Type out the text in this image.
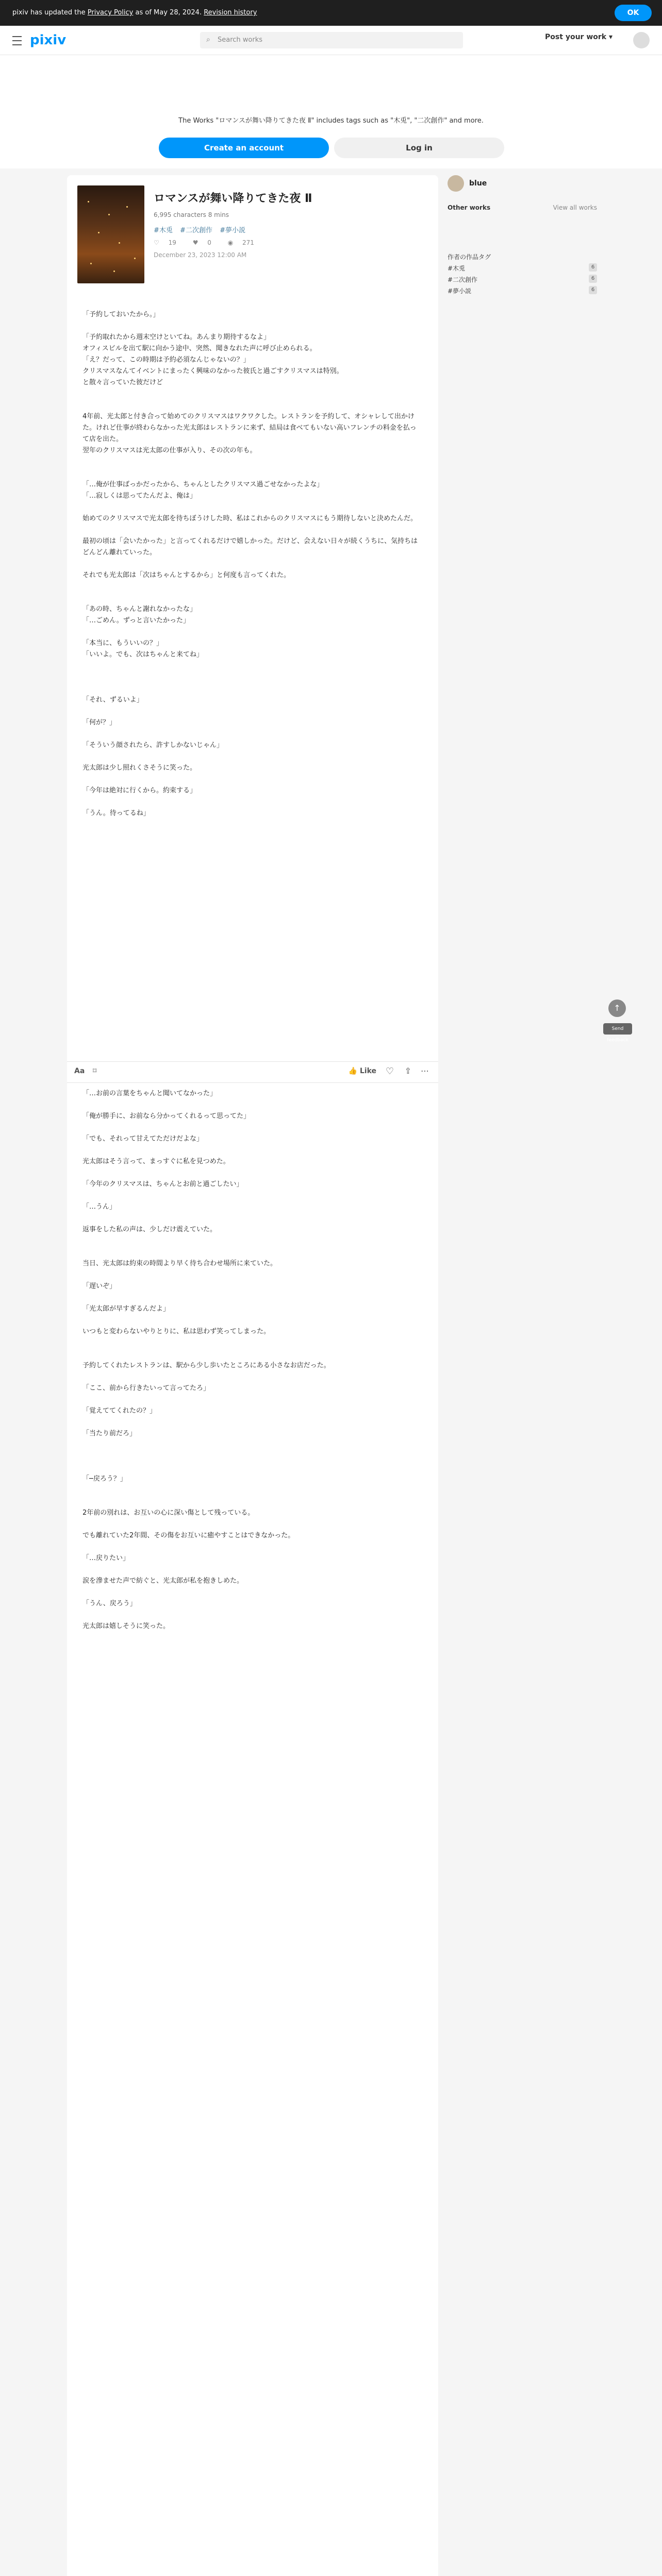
pixiv has updated the Privacy Policy as of May 28, 2024. Revision history	OK
pixiv	⌕ Search works	Post your work ▾
The Works "ロマンスが舞い降りてきた夜 Ⅱ" includes tags such as "木兎", "二次創作" and more.
Create an account	Log in
ロマンスが舞い降りてきた夜 Ⅱ
6,995 characters 8 mins
#木兎 #二次創作 #夢小説
♡ 19	♥ 0	◉ 271
December 23, 2023 12:00 AM
「予約しておいたから。」

「予約取れたから週末空けといてね。あんまり期待するなよ」
オフィスビルを出て駅に向かう途中、突然、聞きなれた声に呼び止められる。
「え？だって、この時期は予約必須なんじゃないの？」
クリスマスなんてイベントにまったく興味のなかった彼氏と過ごすクリスマスは特別。
と散々言っていた彼だけど

4年前、光太郎と付き合って始めてのクリスマスはワクワクした。レストランを予約して、オシャレして出かけた。けれど仕事が終わらなかった光太郎はレストランに来ず、結局は食べてもいない高いフレンチの料金を払って店を出た。
翌年のクリスマスは光太郎の仕事が入り、その次の年も。

「…俺が仕事ばっかだったから、ちゃんとしたクリスマス過ごせなかったよな」
「…寂しくは思ってたんだよ、俺は」

始めてのクリスマスで光太郎を待ちぼうけした時、私はこれからのクリスマスにもう期待しないと決めたんだ。

最初の頃は「会いたかった」と言ってくれるだけで嬉しかった。だけど、会えない日々が続くうちに、気持ちはどんどん離れていった。

それでも光太郎は「次はちゃんとするから」と何度も言ってくれた。

「あの時、ちゃんと謝れなかったな」
「…ごめん。ずっと言いたかった」

「本当に、もういいの？」
「いいよ。でも、次はちゃんと来てね」

「それ、ずるいよ」

「何が？」

「そういう顔されたら、許すしかないじゃん」

光太郎は少し照れくさそうに笑った。

「今年は絶対に行くから。約束する」

「うん。待ってるね」
Aa ⌑	👍 Like ♡ ⇪ ⋯
「…お前の言葉をちゃんと聞いてなかった」

「俺が勝手に、お前なら分かってくれるって思ってた」

「でも、それって甘えてただけだよな」

光太郎はそう言って、まっすぐに私を見つめた。

「今年のクリスマスは、ちゃんとお前と過ごしたい」

「…うん」

返事をした私の声は、少しだけ震えていた。

当日、光太郎は約束の時間より早く待ち合わせ場所に来ていた。

「遅いぞ」

「光太郎が早すぎるんだよ」

いつもと変わらないやりとりに、私は思わず笑ってしまった。

予約してくれたレストランは、駅から少し歩いたところにある小さなお店だった。

「ここ、前から行きたいって言ってたろ」

「覚えててくれたの？」

「当たり前だろ」

「─戻ろう？」

2年前の別れは、お互いの心に深い傷として残っている。

でも離れていた2年間、その傷をお互いに癒やすことはできなかった。

「…戻りたい」

涙を滲ませた声で紡ぐと、光太郎が私を抱きしめた。

「うん、戻ろう」

光太郎は嬉しそうに笑った。
blue
Other works	View all works
作者の作品タグ
#木兎	6
#二次創作	6
#夢小説	6
↑
Send feedback
